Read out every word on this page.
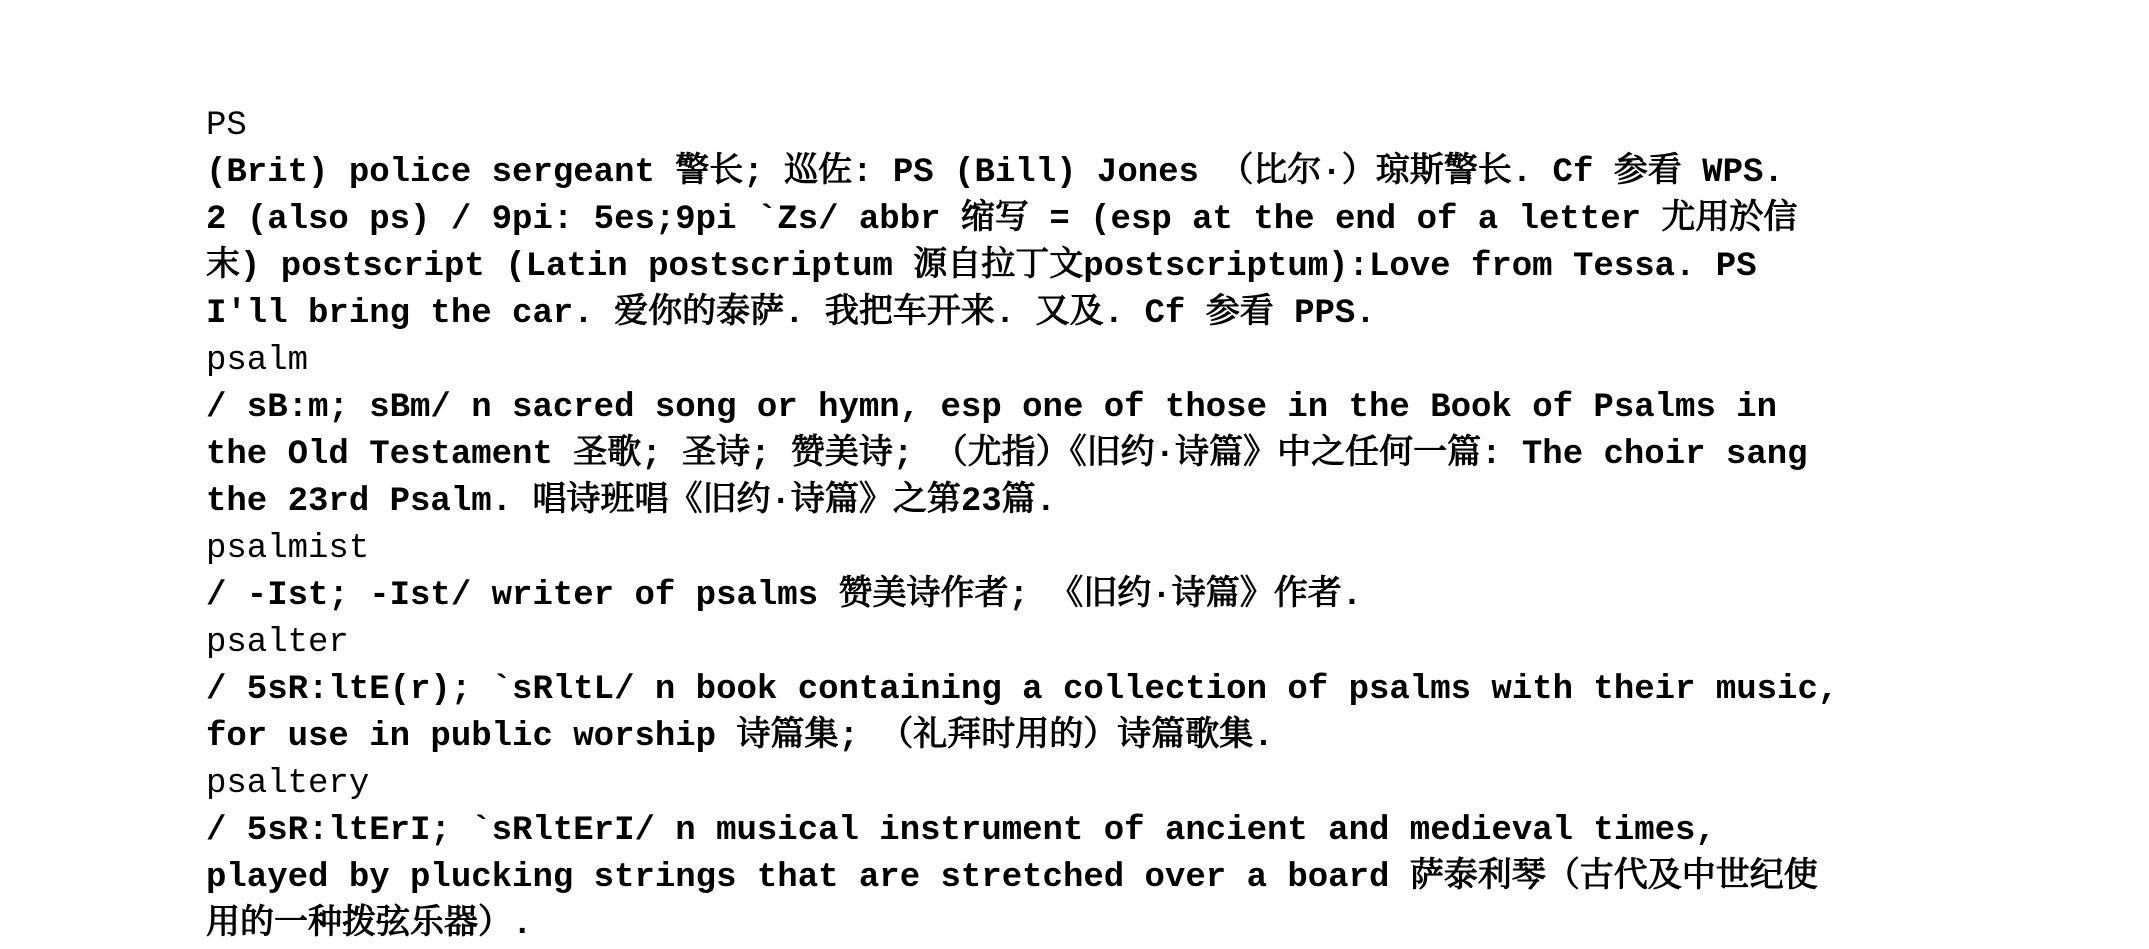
PS
(Brit) police sergeant 警长; 巡佐: PS (Bill) Jones （比尔·）琼斯警长. Cf 参看 WPS.
2 (also ps) / 9pi: 5es;9pi `Zs/ abbr 缩写 = (esp at the end of a letter 尤用於信
末) postscript (Latin postscriptum 源自拉丁文postscriptum):Love from Tessa. PS
I'll bring the car. 爱你的泰萨. 我把车开来. 又及. Cf 参看 PPS.
psalm
/ sB:m; sBm/ n sacred song or hymn, esp one of those in the Book of Psalms in
the Old Testament 圣歌; 圣诗; 赞美诗; （尤指）《旧约·诗篇》中之任何一篇: The choir sang
the 23rd Psalm. 唱诗班唱《旧约·诗篇》之第23篇.
psalmist
/ -Ist; -Ist/ writer of psalms 赞美诗作者; 《旧约·诗篇》作者.
psalter
/ 5sR:ltE(r); `sRltL/ n book containing a collection of psalms with their music,
for use in public worship 诗篇集; （礼拜时用的）诗篇歌集.
psaltery
/ 5sR:ltErI; `sRltErI/ n musical instrument of ancient and medieval times,
played by plucking strings that are stretched over a board 萨泰利琴（古代及中世纪使
用的一种拨弦乐器）.
